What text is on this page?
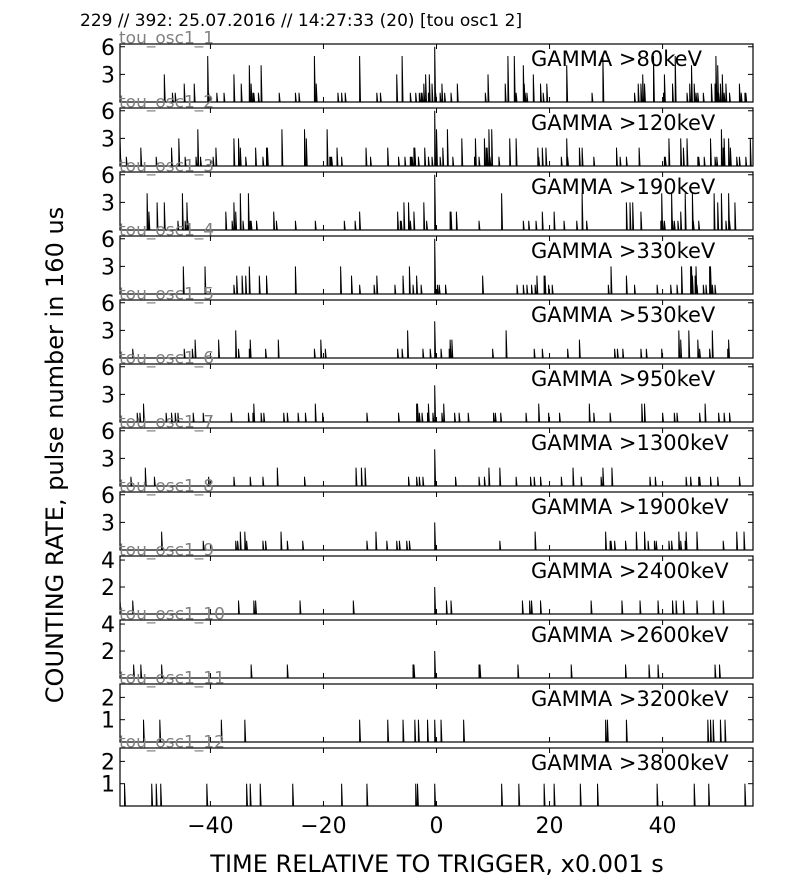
229 // 392: 25.07.2016 // 14:27:33 (20) [tou osc1 2]
3
6	GAMMA >80keV
tou_osc1_1
3
6	GAMMA >120keV
tou_osc1_2
3
6	GAMMA >190keV
tou_osc1_3
3
6	GAMMA >330keV
tou_osc1_4
3
6	GAMMA >530keV
tou_osc1_5
3
6	GAMMA >950keV
tou_osc1_6
3
6	GAMMA >1300keV
tou_osc1_7
3
6	GAMMA >1900keV
tou_osc1_8
2
4	GAMMA >2400keV
tou_osc1_9
2
4	GAMMA >2600keV
tou_osc1_10
1
2	GAMMA >3200keV
tou_osc1_11
1
2	GAMMA >3800keV
tou_osc1_12
−40	−20	0	20	40
TIME RELATIVE TO TRIGGER, x0.001 s
COUNTING RATE, pulse number in 160 us
